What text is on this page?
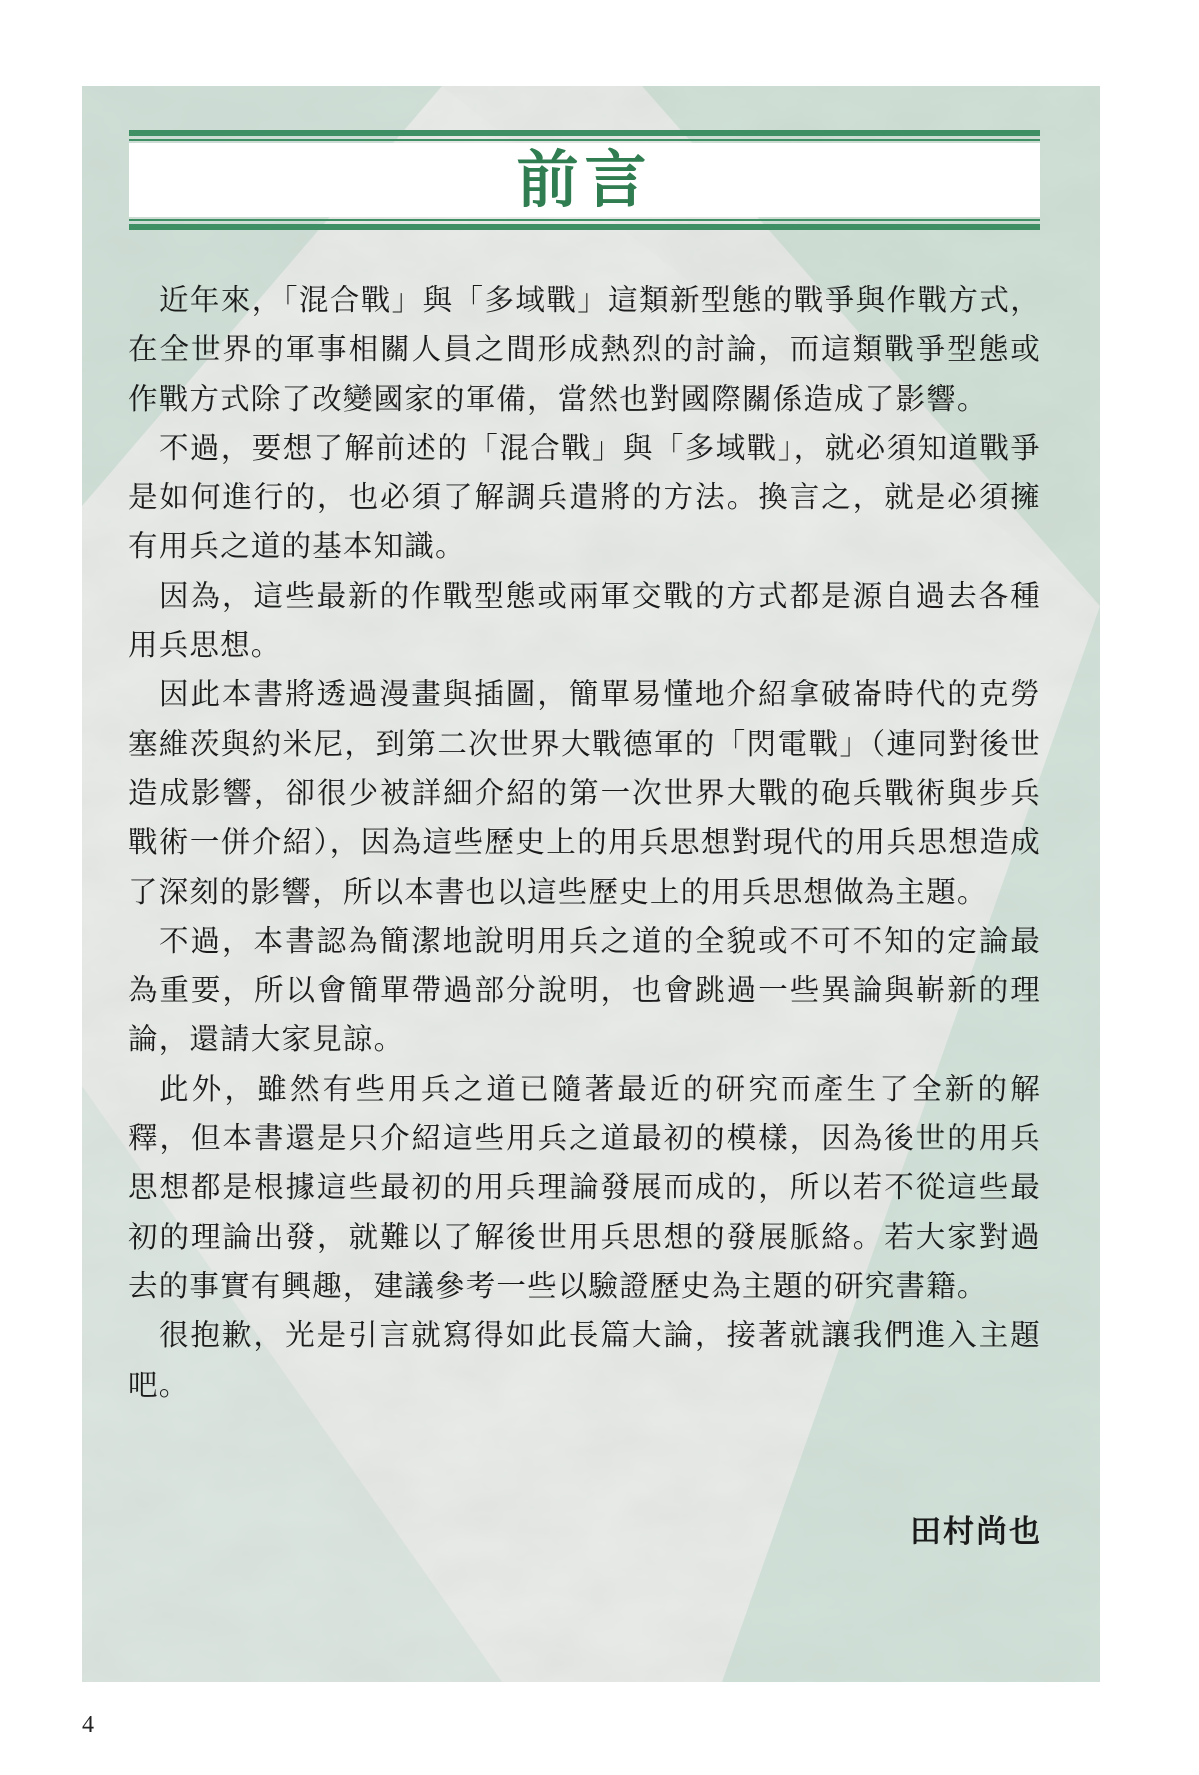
前言

近年來，「混合戰」與「多域戰」這類新型態的戰爭與作戰方式，在全世界的軍事相關人員之間形成熱烈的討論，而這類戰爭型態或作戰方式除了改變國家的軍備，當然也對國際關係造成了影響。

不過，要想了解前述的「混合戰」與「多域戰」，就必須知道戰爭是如何進行的，也必須了解調兵遣將的方法。換言之，就是必須擁有用兵之道的基本知識。

因為，這些最新的作戰型態或兩軍交戰的方式都是源自過去各種用兵思想。

因此本書將透過漫畫與插圖，簡單易懂地介紹拿破崙時代的克勞塞維茨與約米尼，到第二次世界大戰德軍的「閃電戰」（連同對後世造成影響，卻很少被詳細介紹的第一次世界大戰的砲兵戰術與步兵戰術一併介紹），因為這些歷史上的用兵思想對現代的用兵思想造成了深刻的影響，所以本書也以這些歷史上的用兵思想做為主題。

不過，本書認為簡潔地說明用兵之道的全貌或不可不知的定論最為重要，所以會簡單帶過部分說明，也會跳過一些異論與嶄新的理論，還請大家見諒。

此外，雖然有些用兵之道已隨著最近的研究而產生了全新的解釋，但本書還是只介紹這些用兵之道最初的模樣，因為後世的用兵思想都是根據這些最初的用兵理論發展而成的，所以若不從這些最初的理論出發，就難以了解後世用兵思想的發展脈絡。若大家對過去的事實有興趣，建議參考一些以驗證歷史為主題的研究書籍。

很抱歉，光是引言就寫得如此長篇大論，接著就讓我們進入主題吧。

田村尚也
4
